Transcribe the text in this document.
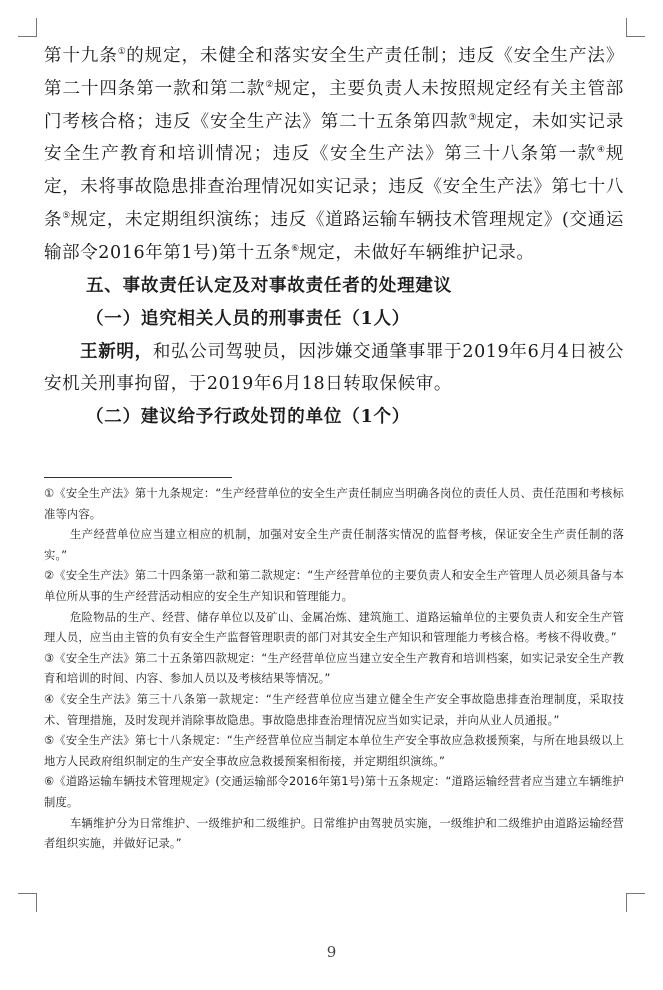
第十九条①的规定，未健全和落实安全生产责任制；违反《安全生产法》第二十四条第一款和第二款②规定，主要负责人未按照规定经有关主管部门考核合格；违反《安全生产法》第二十五条第四款③规定，未如实记录安全生产教育和培训情况；违反《安全生产法》第三十八条第一款④规定，未将事故隐患排查治理情况如实记录；违反《安全生产法》第七十八条⑤规定，未定期组织演练；违反《道路运输车辆技术管理规定》(交通运输部令2016年第1号)第十五条⑥规定，未做好车辆维护记录。

五、事故责任认定及对事故责任者的处理建议

（一）追究相关人员的刑事责任（1人）

王新明，和弘公司驾驶员，因涉嫌交通肇事罪于2019年6月4日被公安机关刑事拘留，于2019年6月18日转取保候审。

（二）建议给予行政处罚的单位（1个）

①《安全生产法》第十九条规定：“生产经营单位的安全生产责任制应当明确各岗位的责任人员、责任范围和考核标准等内容。

生产经营单位应当建立相应的机制，加强对安全生产责任制落实情况的监督考核，保证安全生产责任制的落实。”

②《安全生产法》第二十四条第一款和第二款规定：“生产经营单位的主要负责人和安全生产管理人员必须具备与本单位所从事的生产经营活动相应的安全生产知识和管理能力。

危险物品的生产、经营、储存单位以及矿山、金属冶炼、建筑施工、道路运输单位的主要负责人和安全生产管理人员，应当由主管的负有安全生产监督管理职责的部门对其安全生产知识和管理能力考核合格。考核不得收费。”

③《安全生产法》第二十五条第四款规定：“生产经营单位应当建立安全生产教育和培训档案，如实记录安全生产教育和培训的时间、内容、参加人员以及考核结果等情况。”

④《安全生产法》第三十八条第一款规定：“生产经营单位应当建立健全生产安全事故隐患排查治理制度，采取技术、管理措施，及时发现并消除事故隐患。事故隐患排查治理情况应当如实记录，并向从业人员通报。”

⑤《安全生产法》第七十八条规定：“生产经营单位应当制定本单位生产安全事故应急救援预案，与所在地县级以上地方人民政府组织制定的生产安全事故应急救援预案相衔接，并定期组织演练。”

⑥《道路运输车辆技术管理规定》(交通运输部令2016年第1号)第十五条规定：“道路运输经营者应当建立车辆维护制度。

车辆维护分为日常维护、一级维护和二级维护。日常维护由驾驶员实施，一级维护和二级维护由道路运输经营者组织实施，并做好记录。”

9
